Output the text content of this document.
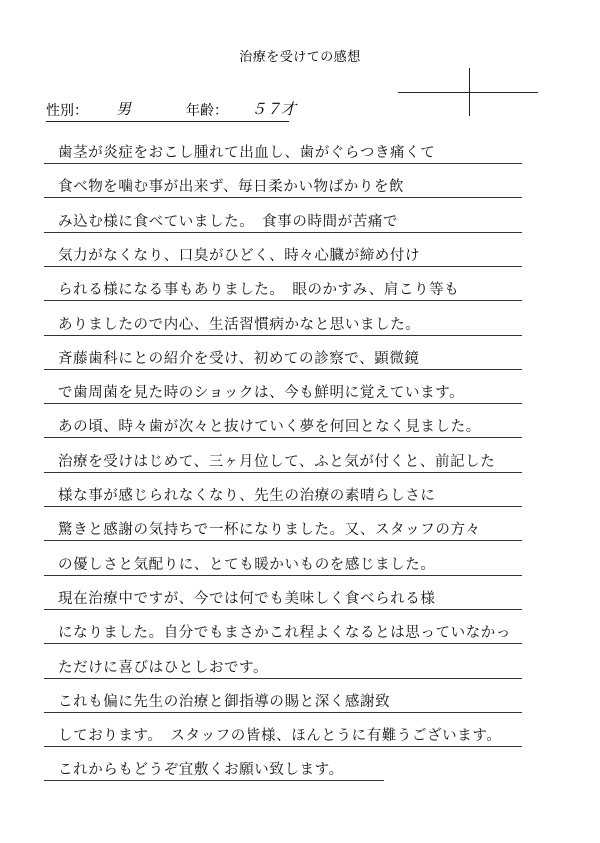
治療を受けての感想
性別： 男	年齢： ５７才
歯茎が炎症をおこし腫れて出血し、歯がぐらつき痛くて
食べ物を噛む事が出来ず、毎日柔かい物ばかりを飲
み込む様に食べていました。　食事の時間が苦痛で
気力がなくなり、口臭がひどく、時々心臓が締め付け
られる様になる事もありました。　眼のかすみ、肩こり等も
ありましたので内心、生活習慣病かなと思いました。
斉藤歯科にとの紹介を受け、初めての診察で、顕微鏡
で歯周菌を見た時のショックは、今も鮮明に覚えています。
あの頃、時々歯が次々と抜けていく夢を何回となく見ました。
治療を受けはじめて、三ヶ月位して、ふと気が付くと、前記した
様な事が感じられなくなり、先生の治療の素晴らしさに
驚きと感謝の気持ちで一杯になりました。又、スタッフの方々
の優しさと気配りに、とても暖かいものを感じました。
現在治療中ですが、今では何でも美味しく食べられる様
になりました。自分でもまさかこれ程よくなるとは思っていなかっ
ただけに喜びはひとしおです。
これも偏に先生の治療と御指導の賜と深く感謝致
しております。　スタッフの皆様、ほんとうに有難うございます。
これからもどうぞ宜敷くお願い致します。
